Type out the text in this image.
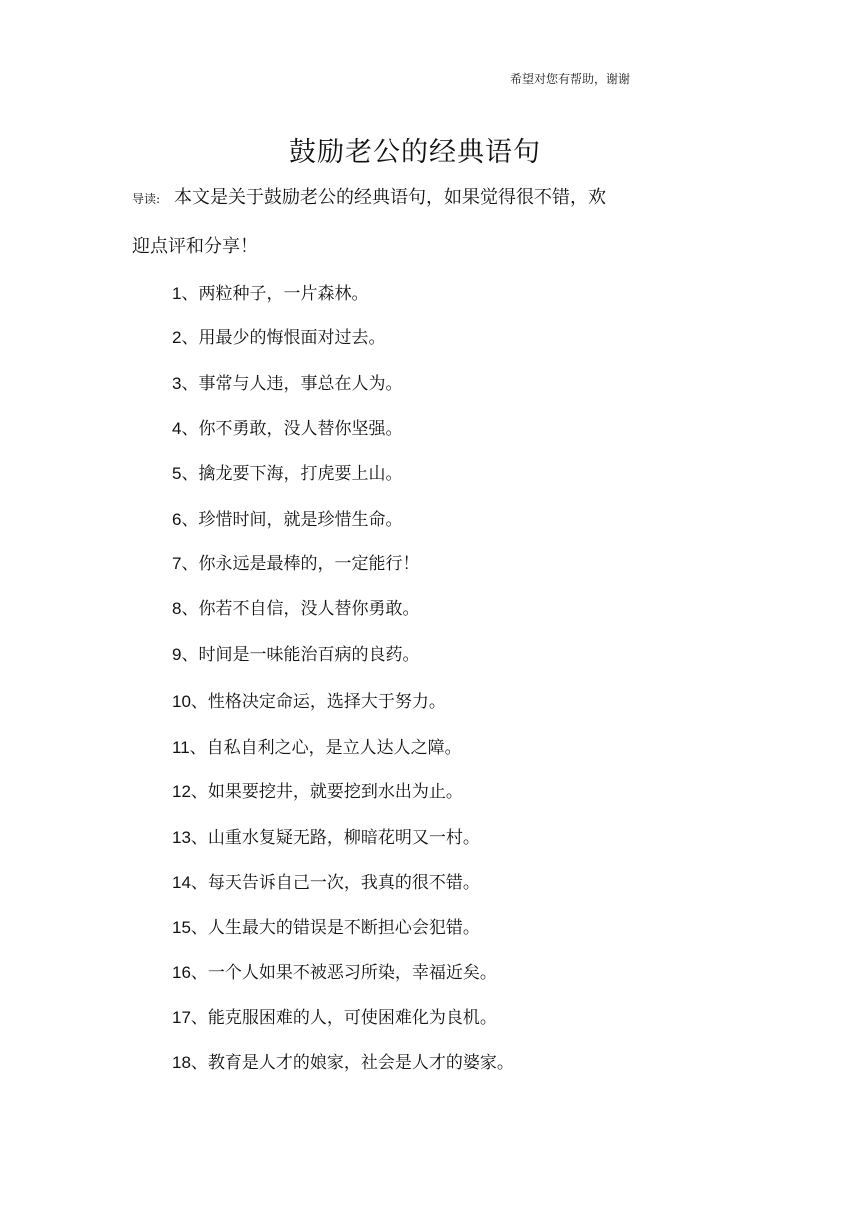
希望对您有帮助，谢谢
鼓励老公的经典语句
导读: 本文是关于鼓励老公的经典语句，如果觉得很不错，欢
迎点评和分享！
1、两粒种子，一片森林。
2、用最少的悔恨面对过去。
3、事常与人违，事总在人为。
4、你不勇敢，没人替你坚强。
5、擒龙要下海，打虎要上山。
6、珍惜时间，就是珍惜生命。
7、你永远是最棒的，一定能行！
8、你若不自信，没人替你勇敢。
9、时间是一味能治百病的良药。
10、性格决定命运，选择大于努力。
11、自私自利之心，是立人达人之障。
12、如果要挖井，就要挖到水出为止。
13、山重水复疑无路，柳暗花明又一村。
14、每天告诉自己一次，我真的很不错。
15、人生最大的错误是不断担心会犯错。
16、一个人如果不被恶习所染，幸福近矣。
17、能克服困难的人，可使困难化为良机。
18、教育是人才的娘家，社会是人才的婆家。
